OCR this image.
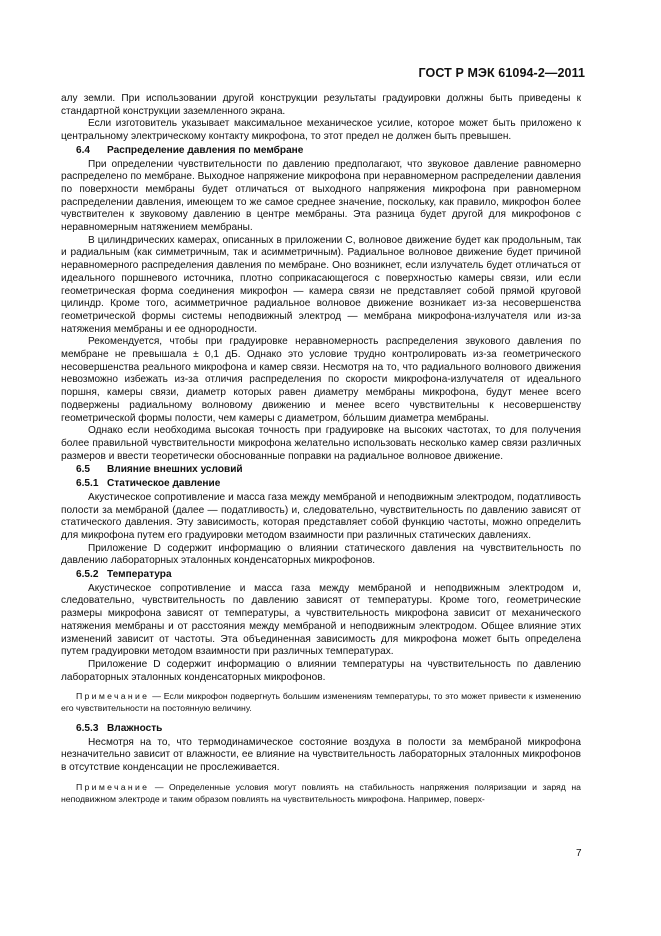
ГОСТ Р МЭК 61094-2—2011

алу земли. При использовании другой конструкции результаты градуировки должны быть приведены к стандартной конструкции заземленного экрана.

Если изготовитель указывает максимальное механическое усилие, которое может быть приложено к центральному электрическому контакту микрофона, то этот предел не должен быть превышен.

6.4 Распределение давления по мембране

При определении чувствительности по давлению предполагают, что звуковое давление равномерно распределено по мембране. Выходное напряжение микрофона при неравномерном распределении давления по поверхности мембраны будет отличаться от выходного напряжения микрофона при равномерном распределении давления, имеющем то же самое среднее значение, поскольку, как правило, микрофон более чувствителен к звуковому давлению в центре мембраны. Эта разница будет другой для микрофонов с неравномерным натяжением мембраны.

В цилиндрических камерах, описанных в приложении С, волновое движение будет как продольным, так и радиальным (как симметричным, так и асимметричным). Радиальное волновое движение будет причиной неравномерного распределения давления по мембране. Оно возникнет, если излучатель будет отличаться от идеального поршневого источника, плотно соприкасающегося с поверхностью камеры связи, или если геометрическая форма соединения микрофон — камера связи не представляет собой прямой круговой цилиндр. Кроме того, асимметричное радиальное волновое движение возникает из-за несовершенства геометрической формы системы неподвижный электрод — мембрана микрофона-излучателя или из-за натяжения мембраны и ее однородности.

Рекомендуется, чтобы при градуировке неравномерность распределения звукового давления по мембране не превышала ± 0,1 дБ. Однако это условие трудно контролировать из-за геометрического несовершенства реального микрофона и камер связи. Несмотря на то, что радиального волнового движения невозможно избежать из-за отличия распределения по скорости микрофона-излучателя от идеального поршня, камеры связи, диаметр которых равен диаметру мембраны микрофона, будут менее всего подвержены радиальному волновому движению и менее всего чувствительны к несовершенству геометрической формы полости, чем камеры с диаметром, бо́льшим диаметра мембраны.

Однако если необходима высокая точность при градуировке на высоких частотах, то для получения более правильной чувствительности микрофона желательно использовать несколько камер связи различных размеров и ввести теоретически обоснованные поправки на радиальное волновое движение.

6.5 Влияние внешних условий

6.5.1 Статическое давление

Акустическое сопротивление и масса газа между мембраной и неподвижным электродом, податливость полости за мембраной (далее — податливость) и, следовательно, чувствительность по давлению зависят от статического давления. Эту зависимость, которая представляет собой функцию частоты, можно определить для микрофона путем его градуировки методом взаимности при различных статических давлениях.

Приложение D содержит информацию о влиянии статического давления на чувствительность по давлению лабораторных эталонных конденсаторных микрофонов.

6.5.2 Температура

Акустическое сопротивление и масса газа между мембраной и неподвижным электродом и, следовательно, чувствительность по давлению зависят от температуры. Кроме того, геометрические размеры микрофона зависят от температуры, а чувствительность микрофона зависит от механического натяжения мембраны и от расстояния между мембраной и неподвижным электродом. Общее влияние этих изменений зависит от частоты. Эта объединенная зависимость для микрофона может быть определена путем градуировки методом взаимности при различных температурах.

Приложение D содержит информацию о влиянии температуры на чувствительность по давлению лабораторных эталонных конденсаторных микрофонов.

Примечание — Если микрофон подвергнуть большим изменениям температуры, то это может привести к изменению его чувствительности на постоянную величину.

6.5.3 Влажность

Несмотря на то, что термодинамическое состояние воздуха в полости за мембраной микрофона незначительно зависит от влажности, ее влияние на чувствительность лабораторных эталонных микрофонов в отсутствие конденсации не прослеживается.

Примечание — Определенные условия могут повлиять на стабильность напряжения поляризации и заряд на неподвижном электроде и таким образом повлиять на чувствительность микрофона. Например, поверх-

7
